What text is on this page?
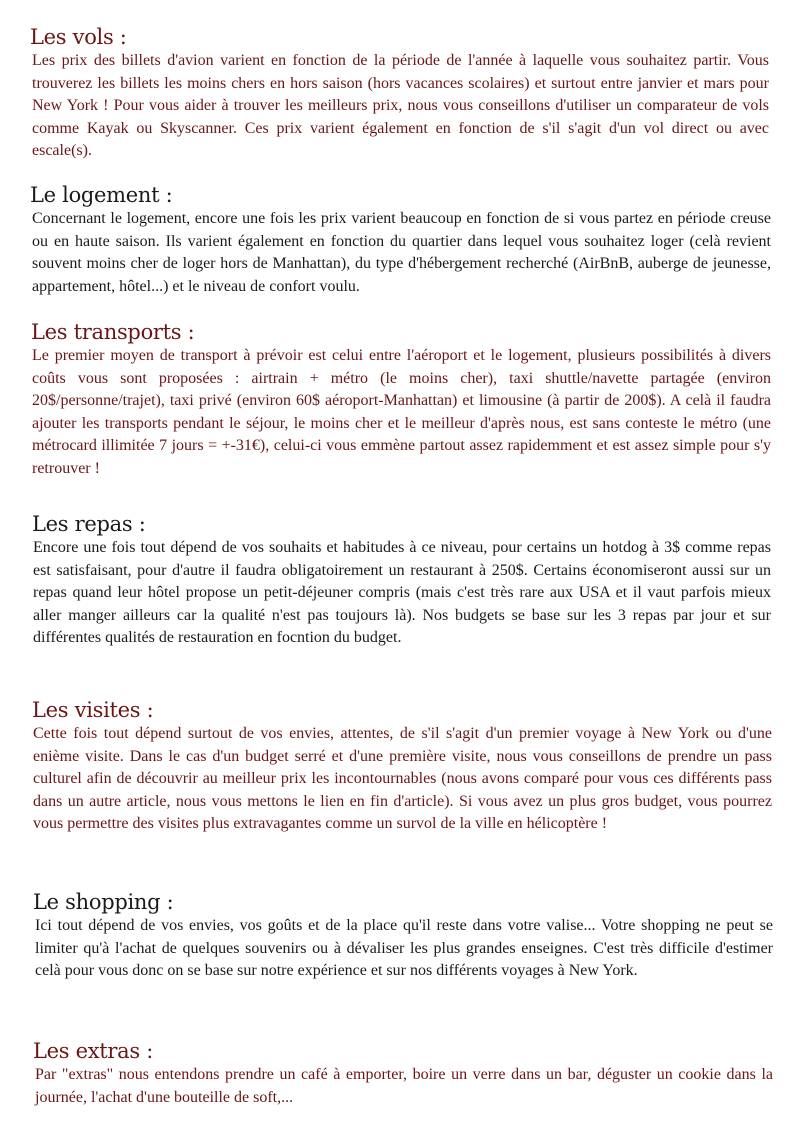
Les vols :

Les prix des billets d'avion varient en fonction de la période de l'année à laquelle vous souhaitez partir. Vous trouverez les billets les moins chers en hors saison (hors vacances scolaires) et surtout entre janvier et mars pour New York ! Pour vous aider à trouver les meilleurs prix, nous vous conseillons d'utiliser un comparateur de vols comme Kayak ou Skyscanner. Ces prix varient également en fonction de s'il s'agit d'un vol direct ou avec escale(s).

Le logement :

Concernant le logement, encore une fois les prix varient beaucoup en fonction de si vous partez en période creuse ou en haute saison. Ils varient également en fonction du quartier dans lequel vous souhaitez loger (celà revient souvent moins cher de loger hors de Manhattan), du type d'hébergement recherché (AirBnB, auberge de jeunesse, appartement, hôtel...) et le niveau de confort voulu.

Les transports :

Le premier moyen de transport à prévoir est celui entre l'aéroport et le logement, plusieurs possibilités à divers coûts vous sont proposées : airtrain + métro (le moins cher), taxi shuttle/navette partagée (environ 20$/personne/trajet), taxi privé (environ 60$ aéroport-Manhattan) et limousine (à partir de 200$). A celà il faudra ajouter les transports pendant le séjour, le moins cher et le meilleur d'après nous, est sans conteste le métro (une métrocard illimitée 7 jours = +-31€), celui-ci vous emmène partout assez rapidemment et est assez simple pour s'y retrouver !

Les repas :

Encore une fois tout dépend de vos souhaits et habitudes à ce niveau, pour certains un hotdog à 3$ comme repas est satisfaisant, pour d'autre il faudra obligatoirement un restaurant à 250$. Certains économiseront aussi sur un repas quand leur hôtel propose un petit-déjeuner compris (mais c'est très rare aux USA et il vaut parfois mieux aller manger ailleurs car la qualité n'est pas toujours là). Nos budgets se base sur les 3 repas par jour et sur différentes qualités de restauration en focntion du budget.

Les visites :

Cette fois tout dépend surtout de vos envies, attentes, de s'il s'agit d'un premier voyage à New York ou d'une enième visite. Dans le cas d'un budget serré et d'une première visite, nous vous conseillons de prendre un pass culturel afin de découvrir au meilleur prix les incontournables (nous avons comparé pour vous ces différents pass dans un autre article, nous vous mettons le lien en fin d'article). Si vous avez un plus gros budget, vous pourrez vous permettre des visites plus extravagantes comme un survol de la ville en hélicoptère !

Le shopping :

Ici tout dépend de vos envies, vos goûts et de la place qu'il reste dans votre valise... Votre shopping ne peut se limiter qu'à l'achat de quelques souvenirs ou à dévaliser les plus grandes enseignes. C'est très difficile d'estimer celà pour vous donc on se base sur notre expérience et sur nos différents voyages à New York.

Les extras :

Par "extras" nous entendons prendre un café à emporter, boire un verre dans un bar, déguster un cookie dans la journée, l'achat d'une bouteille de soft,...
